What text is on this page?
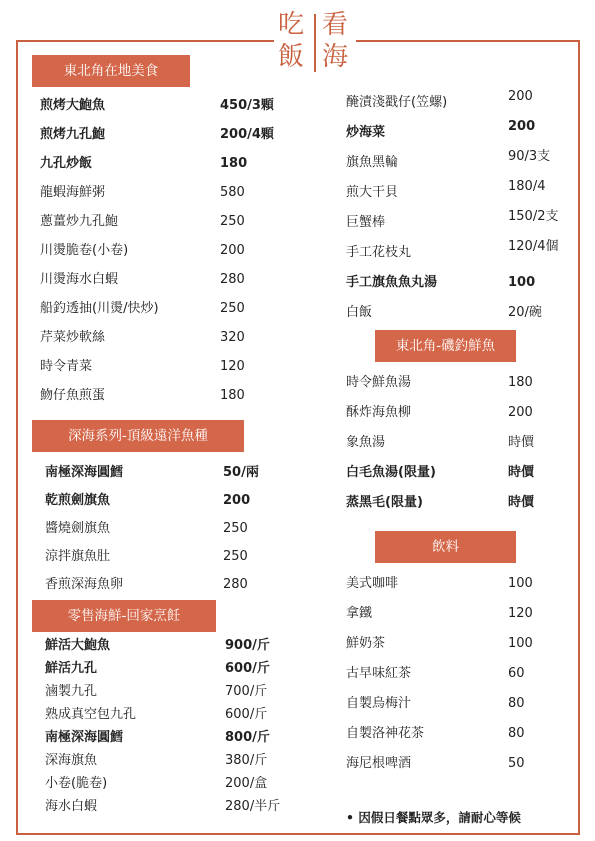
吃 看
飯 海
東北角在地美食
深海系列-頂級遠洋魚種
零售海鮮-回家烹飪
東北角-磯釣鮮魚
飲料
煎烤大鮑魚	450/3顆
煎烤九孔鮑	200/4顆
九孔炒飯	180
龍蝦海鮮粥	580
蔥薑炒九孔鮑	250
川燙脆卷(小卷)	200
川燙海水白蝦	280
船釣透抽(川燙/快炒)	250
芹菜炒軟絲	320
時令青菜	120
魩仔魚煎蛋	180
南極深海圓鱈	50/兩
乾煎劍旗魚	200
醬燒劍旗魚	250
涼拌旗魚肚	250
香煎深海魚卵	280
鮮活大鮑魚	900/斤
鮮活九孔	600/斤
滷製九孔	700/斤
熟成真空包九孔	600/斤
南極深海圓鱈	800/斤
深海旗魚	380/斤
小卷(脆卷)	200/盒
海水白蝦	280/半斤
醃漬淺戳仔(笠螺)	200
炒海菜	200
旗魚黑輪	90/3支
煎大干貝	180/4
巨蟹棒	150/2支
手工花枝丸	120/4個
手工旗魚魚丸湯	100
白飯	20/碗
時令鮮魚湯	180
酥炸海魚柳	200
象魚湯	時價
白毛魚湯(限量)	時價
蒸黑毛(限量)	時價
美式咖啡	100
拿鐵	120
鮮奶茶	100
古早味紅茶	60
自製烏梅汁	80
自製洛神花茶	80
海尼根啤酒	50
• 因假日餐點眾多，請耐心等候
